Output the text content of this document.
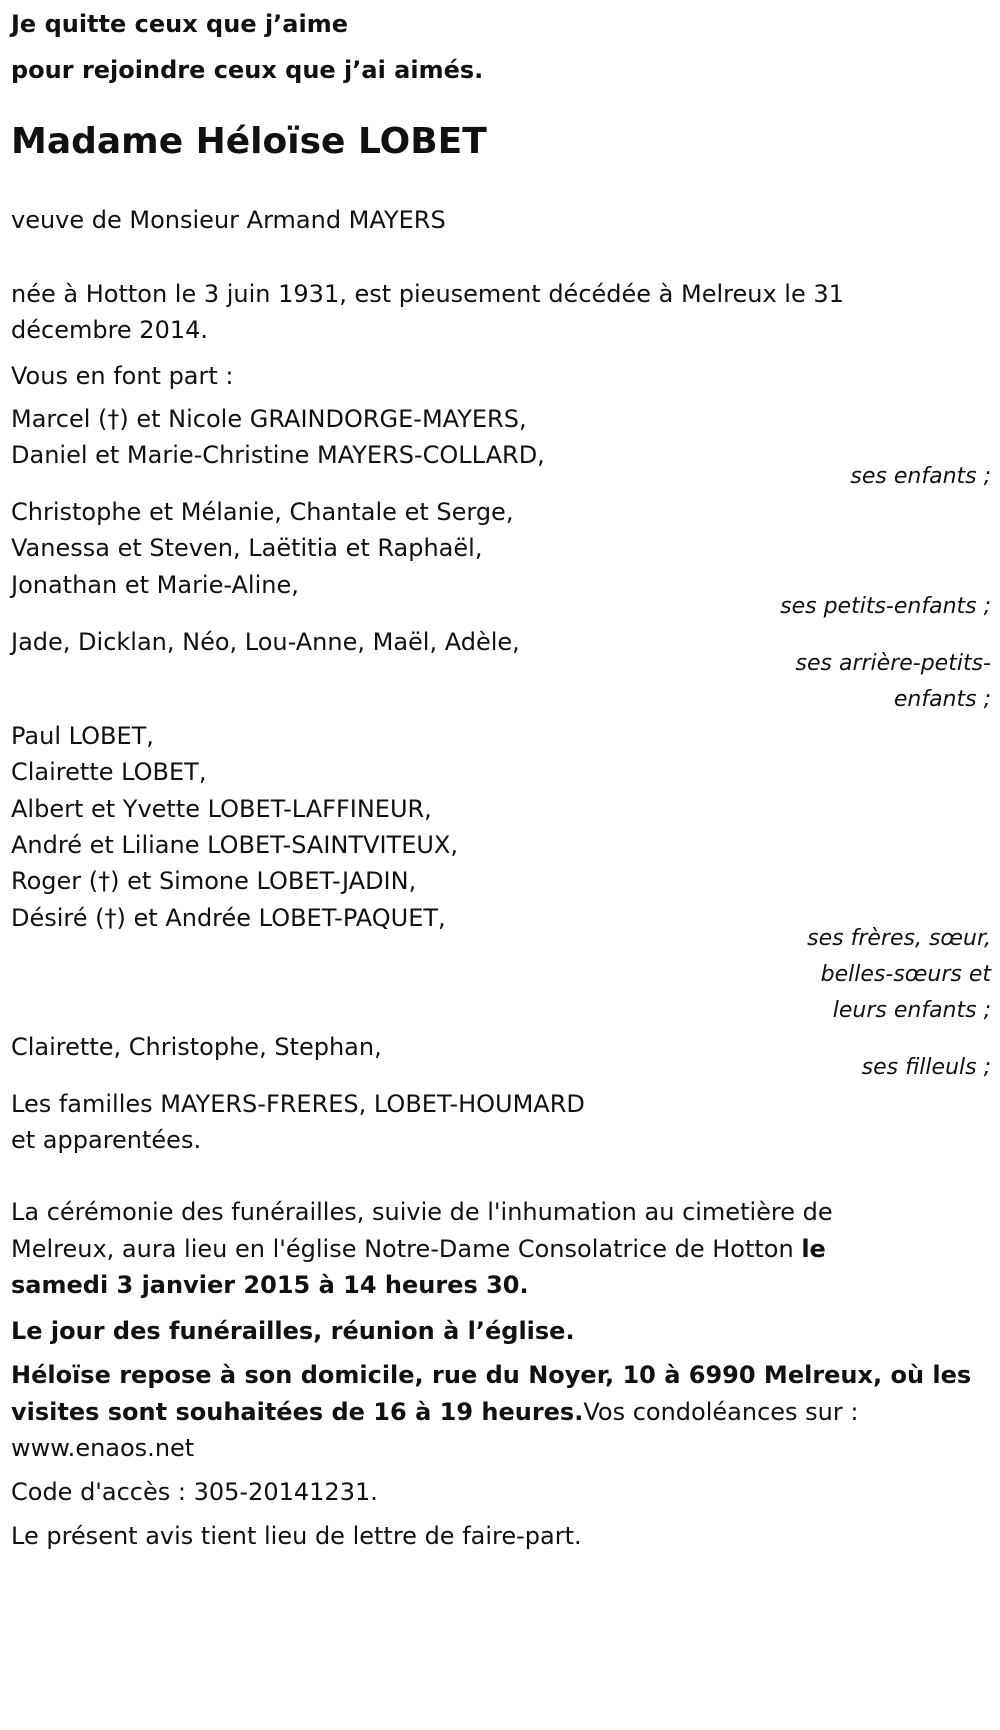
Je quitte ceux que j’aime
pour rejoindre ceux que j’ai aimés.
Madame Héloïse LOBET
veuve de Monsieur Armand MAYERS
née à Hotton le 3 juin 1931, est pieusement décédée à Melreux le 31
décembre 2014.
Vous en font part :
Marcel (†) et Nicole GRAINDORGE-MAYERS,
Daniel et Marie-Christine MAYERS-COLLARD,
ses enfants ;
Christophe et Mélanie, Chantale et Serge,
Vanessa et Steven, Laëtitia et Raphaël,
Jonathan et Marie-Aline,
ses petits-enfants ;
Jade, Dicklan, Néo, Lou-Anne, Maël, Adèle,
ses arrière-petits-
enfants ;
Paul LOBET,
Clairette LOBET,
Albert et Yvette LOBET-LAFFINEUR,
André et Liliane LOBET-SAINTVITEUX,
Roger (†) et Simone LOBET-JADIN,
Désiré (†) et Andrée LOBET-PAQUET,
ses frères, sœur,
belles-sœurs et
leurs enfants ;
Clairette, Christophe, Stephan,
ses filleuls ;
Les familles MAYERS-FRERES, LOBET-HOUMARD
et apparentées.
La cérémonie des funérailles, suivie de l'inhumation au cimetière de
Melreux, aura lieu en l'église Notre-Dame Consolatrice de Hotton le
samedi 3 janvier 2015 à 14 heures 30.
Le jour des funérailles, réunion à l’église.
Héloïse repose à son domicile, rue du Noyer, 10 à 6990 Melreux, où les
visites sont souhaitées de 16 à 19 heures.Vos condoléances sur :
www.enaos.net
Code d'accès : 305-20141231.
Le présent avis tient lieu de lettre de faire-part.
